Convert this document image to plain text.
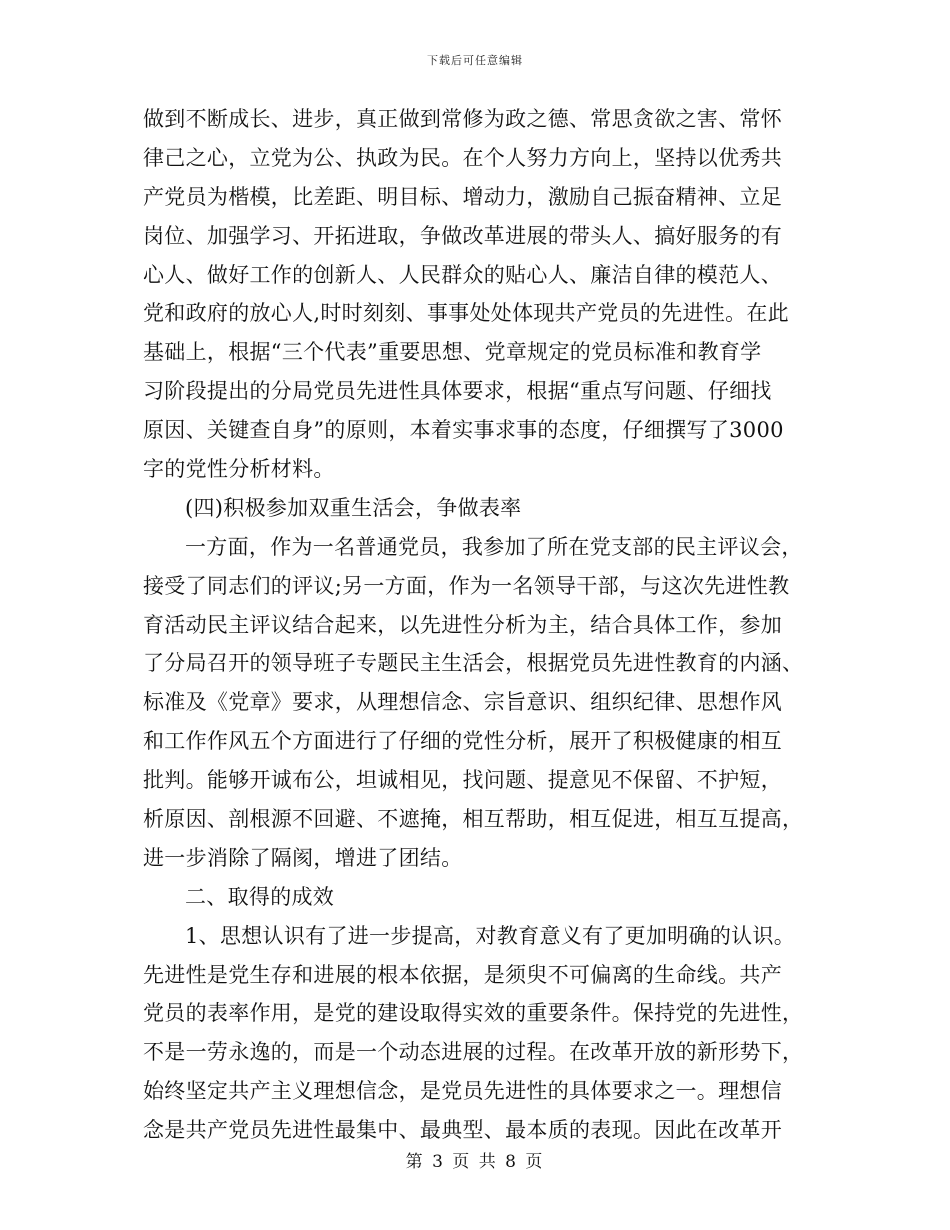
下载后可任意编辑
做到不断成长、进步，真正做到常修为政之德、常思贪欲之害、常怀
律己之心，立党为公、执政为民。在个人努力方向上，坚持以优秀共
产党员为楷模，比差距、明目标、增动力，激励自己振奋精神、立足
岗位、加强学习、开拓进取，争做改革进展的带头人、搞好服务的有
心人、做好工作的创新人、人民群众的贴心人、廉洁自律的模范人、
党和政府的放心人,时时刻刻、事事处处体现共产党员的先进性。在此
基础上，根据“三个代表”重要思想、党章规定的党员标准和教育学
习阶段提出的分局党员先进性具体要求，根据“重点写问题、仔细找
原因、关键查自身”的原则，本着实事求事的态度，仔细撰写了3000
字的党性分析材料。
(四)积极参加双重生活会，争做表率
一方面，作为一名普通党员，我参加了所在党支部的民主评议会，
接受了同志们的评议;另一方面，作为一名领导干部，与这次先进性教
育活动民主评议结合起来，以先进性分析为主，结合具体工作，参加
了分局召开的领导班子专题民主生活会，根据党员先进性教育的内涵、
标准及《党章》要求，从理想信念、宗旨意识、组织纪律、思想作风
和工作作风五个方面进行了仔细的党性分析，展开了积极健康的相互
批判。能够开诚布公，坦诚相见，找问题、提意见不保留、不护短，
析原因、剖根源不回避、不遮掩，相互帮助，相互促进，相互互提高，
进一步消除了隔阂，增进了团结。
二、取得的成效
1、思想认识有了进一步提高，对教育意义有了更加明确的认识。
先进性是党生存和进展的根本依据，是须臾不可偏离的生命线。共产
党员的表率作用，是党的建设取得实效的重要条件。保持党的先进性，
不是一劳永逸的，而是一个动态进展的过程。在改革开放的新形势下，
始终坚定共产主义理想信念，是党员先进性的具体要求之一。理想信
念是共产党员先进性最集中、最典型、最本质的表现。因此在改革开
第 3 页 共 8 页
